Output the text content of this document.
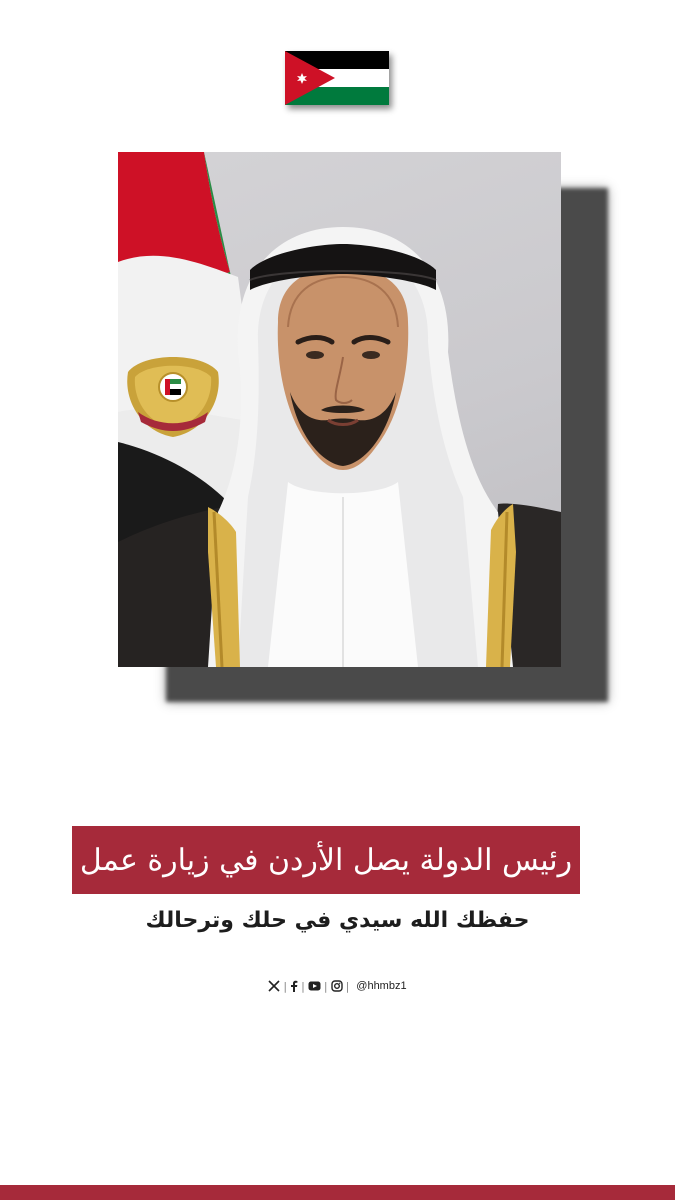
رئيس الدولة يصل الأردن في زيارة عمل
حفظك الله سيدي في حلك وترحالك
| | | | @hhmbz1
